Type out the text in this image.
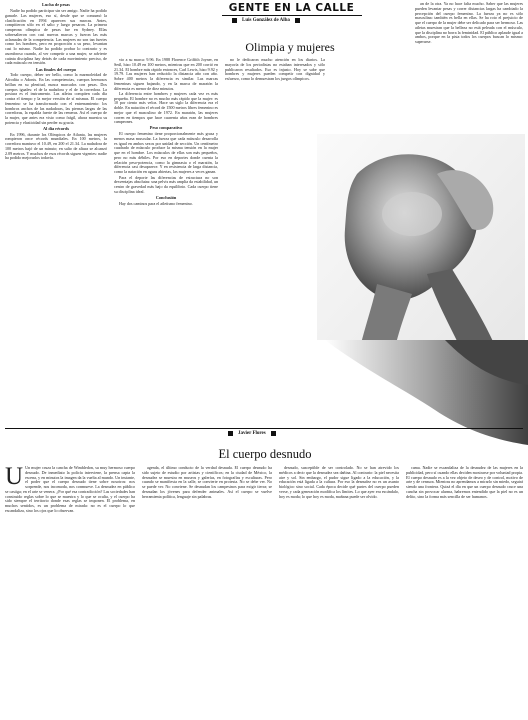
GENTE EN LA CALLE
Luis González de Alba
Olimpia y mujeres
Lucha de pesas

Nadie ha podido participar sin ser amigo. Nadie ha podido ganarle. Las mujeres, eso sí, desde que se consumó la clasificación en 1994 aparecen sus marcas. Antes, compitieron sólo en el salto y luego pesaron. La primera campeona olímpica de pesas fue en Sydney. Ellas sobresalieron con casi nuevas marcas y fueron las más aclamadas de la competencia. Las mujeres no son tan fuertes como los hombres, pero en proporción a su peso, levantan casi lo mismo. Nadie ha podido probar lo contrario y es asombroso cuando, al ver competir a una mujer, se advierte cuánta disciplina hay detrás de cada movimiento preciso, de cada músculo en tensión.

Las finales del cuerpo

Todo cuerpo, deber ser bello, como la marmoleidad de Afrodita o Adonis. En las competencias, cuerpos hermosos brillan en su plenitud, nunca marcados con pesas. Dos cuerpos iguales: el de la nadadora y el de la corredora. La postura es el instrumento. Las atletas compiten cada día contra el tiempo y la mejor versión de sí mismas. El cuerpo femenino se ha transformado con el entrenamiento: los hombros anchos de las nadadoras, las piernas largas de las corredoras, la espalda fuerte de las remeras. Así el cuerpo de la mujer, que antes era visto como frágil, ahora muestra su potencia y elasticidad sin perder su gracia.

Al día récords

En 1996, durante los Olímpicos de Atlanta, las mujeres rompieron once récords mundiales. En 100 metros, la corredora mantuvo el 10.49, en 200 el 21.34. La nadadora de 100 metros bajó de un minuto; en salto de altura se alcanzó 2.09 metros. Y muchos de esos récords siguen vigentes: nadie ha podido mejorarlos todavía.

vio a su marca: 9.96. En 1988 Florence Griffith Joyner, en Seúl, hizo 10.49 en 100 metros, mientras que en 200 corrió en 21.34. El hombre más rápido entonces, Carl Lewis, hizo 9.92 y 19.79. Las mujeres han reducido la distancia año con año. Sobre 400 metros la diferencia es similar. Las marcas femeninas siguen bajando, y en la marca de maratón la diferencia es menor de diez minutos.

La diferencia entre hombres y mujeres cada vez es más pequeña. El hombre no es mucho más rápido que la mujer: es 10 por ciento más veloz. Hace un siglo la diferencia era el doble. En natación el récord de 1500 metros libres femenino es mejor que el masculino de 1972. En maratón, las mujeres corren en tiempos que hace cuarenta años eran de hombres campeones.

Peso comparativo

El cuerpo femenino tiene proporcionalmente más grasa y menos masa muscular. La fuerza que cada músculo desarrolla es igual en ambos sexos por unidad de sección. Un centímetro cuadrado de músculo produce la misma tensión en la mujer que en el hombre. Los músculos de ellas son más pequeños, pero no más débiles. Por eso en deportes donde cuenta la relación peso-potencia, como la gimnasia o el maratón, la diferencia casi desaparece. Y en resistencia de larga distancia, como la natación en aguas abiertas, las mujeres a veces ganan.

Para el deporte las diferencias de estructura no son desventajas absolutas: una pelvis más amplia da estabilidad, un centro de gravedad más bajo da equilibrio. Cada cuerpo tiene su disciplina ideal.

Conclusión

Hay dos caminos para el atletismo femenino.

no le dedicaron mucho atención en los diarios. La mayoría de los periodistas no estaban interesados y sólo publicaron resultados. Eso es injusto. Hoy se sabe que hombres y mujeres pueden competir con dignidad y esfuerzo, como lo demuestran los juegos olímpicos.

an de la otra. Ya no hace falta mucho. Saber que las mujeres pueden levantar pesas y correr distancias largas ha cambiado la percepción del cuerpo femenino. La fuerza ya no es sólo masculina: también es bella en ellas. Se ha roto el prejuicio de que el cuerpo de la mujer debe ser delicado para ser hermoso. Las atletas muestran que la belleza no está peleada con el músculo, que la disciplina no borra la feminidad. El público aplaude igual a ambos, porque en la pista todos los cuerpos buscan lo mismo: superarse.

Javier Flores
El cuerpo desnudo
U Un mujer cruza la cancha de Wimbledon, su muy hermoso cuerpo desnudo. De inmediato la policía interviene, la prensa capta la escena, y en minutos la imagen da la vuelta al mundo. Un instante, el poder que el cuerpo desnudo tiene sobre nosotros: nos sorprende, nos incomoda, nos conmueve. La desnudez en público se castiga; en el arte se venera. ¿Por qué esa contradicción? Las sociedades han construido reglas sobre lo que se muestra y lo que se oculta, y el cuerpo ha sido siempre el territorio donde esas reglas se imponen. El problema, en muchos sentidos, es un problema de mirada: no es el cuerpo lo que escandaliza, sino los ojos que lo observan.

agenda, el último conducto de la verdad desnuda. El cuerpo desnudo ha sido sujeto de estudio por artistas y científicos; en la ciudad de México, la desnudez se muestra en museos y galerías, en fotografías y esculturas. Pero cuando se manifiesta en la calle, se convierte en protesta. No se debe ver. No se puede ver. No conviene. Se desnudan los campesinos para exigir tierra; se desnudan los jóvenes para defender animales. Así el cuerpo se vuelve herramienta política, lenguaje sin palabras.

desnudo, susceptible de ser controlado. No se han atrevido los médicos a decir que la desnudez sea dañina. Al contrario: la piel necesita aire y sol. Sin embargo, el pudor sigue ligado a la educación, y la educación está ligada a la cultura. Por eso la desnudez no es un asunto biológico sino social. Cada época decide qué partes del cuerpo pueden verse, y cada generación modifica los límites. Lo que ayer era escándalo, hoy es moda; lo que hoy es moda, mañana puede ser olvido.

cama. Nadie se escandaliza de la desnudez de las mujeres en la publicidad, pero sí cuando ellas deciden mostrarse por voluntad propia. El cuerpo desnudo es a la vez objeto de deseo y de control, motivo de arte y de censura. Mientras no aprendamos a mirarlo sin miedo, seguirá siendo una frontera. Quizá el día en que un cuerpo desnudo cruce una cancha sin provocar alarma, habremos entendido que la piel no es un delito, sino la forma más sencilla de ser humanos.
